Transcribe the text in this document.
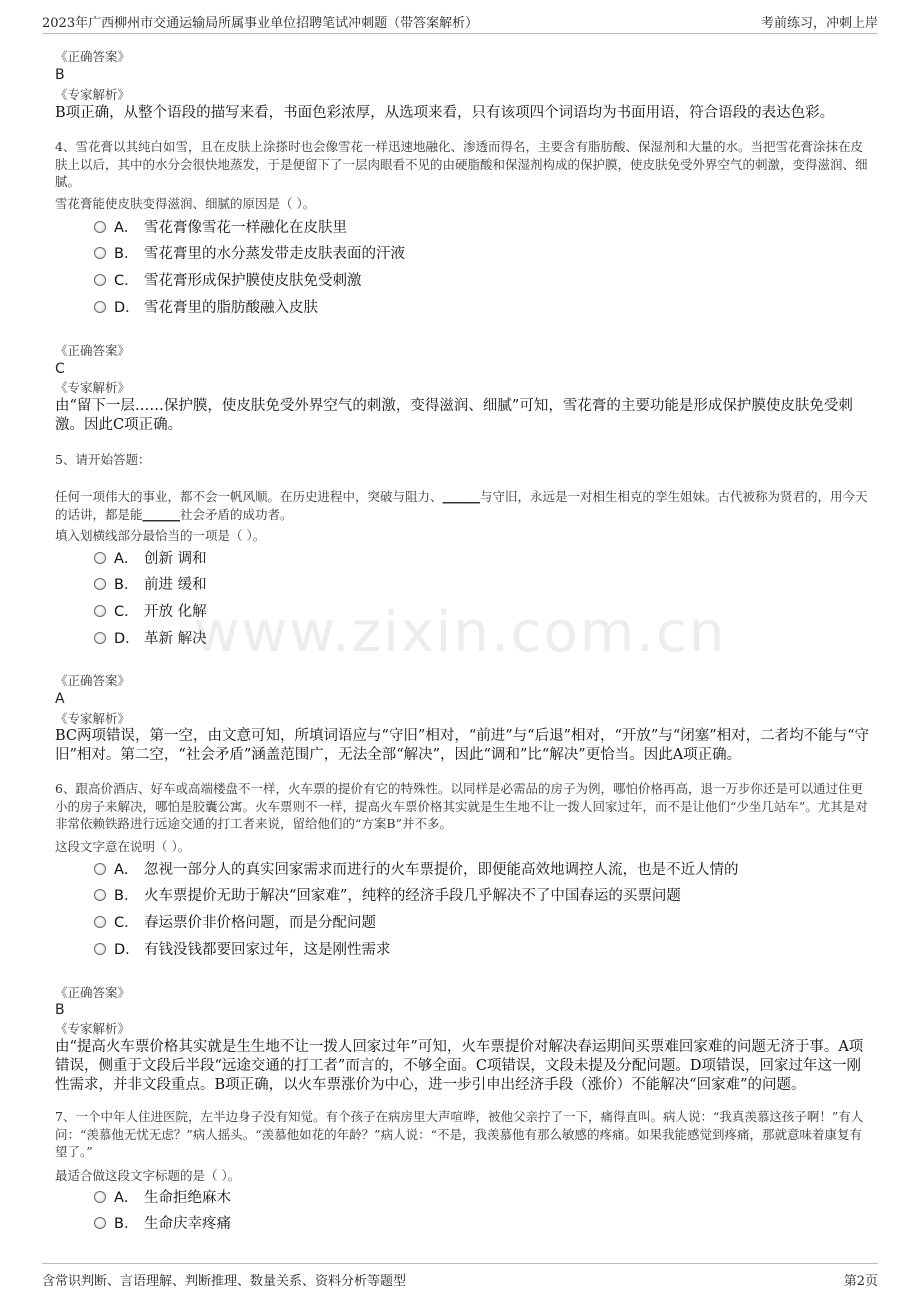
2023年广西柳州市交通运输局所属事业单位招聘笔试冲刺题（带答案解析）	考前练习，冲刺上岸
www.zixin.com.cn
《正确答案》
B
《专家解析》
B项正确，从整个语段的描写来看，书面色彩浓厚，从选项来看，只有该项四个词语均为书面用语，符合语段的表达色彩。
4、雪花膏以其纯白如雪，且在皮肤上涂搽时也会像雪花一样迅速地融化、渗透而得名，主要含有脂肪酸、保湿剂和大量的水。当把雪花膏涂抹在皮肤上以后，其中的水分会很快地蒸发，于是便留下了一层肉眼看不见的由硬脂酸和保湿剂构成的保护膜，使皮肤免受外界空气的刺激，变得滋润、细腻。
雪花膏能使皮肤变得滋润、细腻的原因是（ ）。
A． 雪花膏像雪花一样融化在皮肤里
B． 雪花膏里的水分蒸发带走皮肤表面的汗液
C． 雪花膏形成保护膜使皮肤免受刺激
D． 雪花膏里的脂肪酸融入皮肤
《正确答案》
C
《专家解析》
由“留下一层……保护膜，使皮肤免受外界空气的刺激，变得滋润、细腻”可知，雪花膏的主要功能是形成保护膜使皮肤免受刺激。因此C项正确。
5、请开始答题：
任何一项伟大的事业，都不会一帆风顺。在历史进程中，突破与阻力、______与守旧，永远是一对相生相克的孪生姐妹。古代被称为贤君的，用今天的话讲，都是能______社会矛盾的成功者。
填入划横线部分最恰当的一项是（ ）。
A． 创新 调和
B． 前进 缓和
C． 开放 化解
D． 革新 解决
《正确答案》
A
《专家解析》
BC两项错误，第一空，由文意可知，所填词语应与“守旧”相对，“前进”与“后退”相对，“开放”与“闭塞”相对，二者均不能与“守旧”相对。第二空，“社会矛盾”涵盖范围广，无法全部“解决”，因此“调和”比“解决”更恰当。因此A项正确。
6、跟高价酒店、好车或高端楼盘不一样，火车票的提价有它的特殊性。以同样是必需品的房子为例，哪怕价格再高，退一万步你还是可以通过住更小的房子来解决，哪怕是胶囊公寓。火车票则不一样，提高火车票价格其实就是生生地不让一拨人回家过年，而不是让他们“少坐几站车”。尤其是对非常依赖铁路进行远途交通的打工者来说，留给他们的“方案B”并不多。
这段文字意在说明（ ）。
A． 忽视一部分人的真实回家需求而进行的火车票提价，即便能高效地调控人流，也是不近人情的
B． 火车票提价无助于解决“回家难”，纯粹的经济手段几乎解决不了中国春运的买票问题
C． 春运票价非价格问题，而是分配问题
D． 有钱没钱都要回家过年，这是刚性需求
《正确答案》
B
《专家解析》
由“提高火车票价格其实就是生生地不让一拨人回家过年”可知，火车票提价对解决春运期间买票难回家难的问题无济于事。A项错误，侧重于文段后半段“远途交通的打工者”而言的，不够全面。C项错误，文段未提及分配问题。D项错误，回家过年这一刚性需求，并非文段重点。B项正确，以火车票涨价为中心，进一步引申出经济手段（涨价）不能解决“回家难”的问题。
7、一个中年人住进医院，左半边身子没有知觉。有个孩子在病房里大声喧哗，被他父亲拧了一下，痛得直叫。病人说：“我真羡慕这孩子啊！”有人问：“羡慕他无忧无虑？”病人摇头。“羡慕他如花的年龄？”病人说：“不是，我羡慕他有那么敏感的疼痛。如果我能感觉到疼痛，那就意味着康复有望了。”
最适合做这段文字标题的是（ ）。
A． 生命拒绝麻木
B． 生命庆幸疼痛
含常识判断、言语理解、判断推理、数量关系、资料分析等题型	第2页
